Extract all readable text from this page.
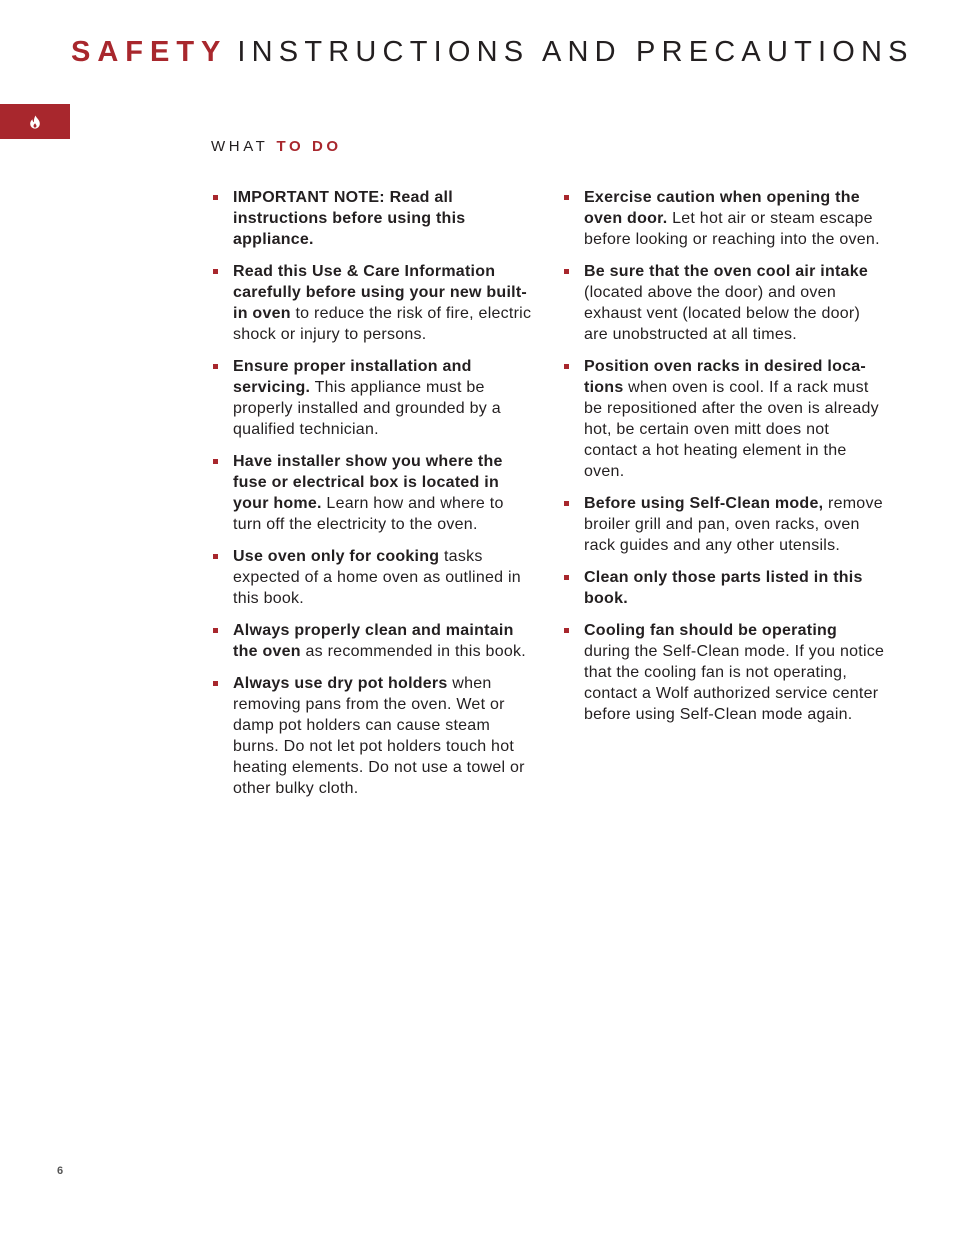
SAFETY INSTRUCTIONS AND PRECAUTIONS
WHAT TO DO
IMPORTANT NOTE: Read all instructions before using this appliance.
Read this Use & Care Information carefully before using your new built-in oven to reduce the risk of fire, electric shock or injury to persons.
Ensure proper installation and servicing. This appliance must be properly installed and grounded by a qualified technician.
Have installer show you where the fuse or electrical box is located in your home. Learn how and where to turn off the electricity to the oven.
Use oven only for cooking tasks expected of a home oven as outlined in this book.
Always properly clean and maintain the oven as recommended in this book.
Always use dry pot holders when removing pans from the oven. Wet or damp pot holders can cause steam burns. Do not let pot holders touch hot heating elements. Do not use a towel or other bulky cloth.
Exercise caution when opening the oven door. Let hot air or steam escape before looking or reaching into the oven.
Be sure that the oven cool air intake (located above the door) and oven exhaust vent (located below the door) are unobstructed at all times.
Position oven racks in desired loca-tions when oven is cool. If a rack must be repositioned after the oven is already hot, be certain oven mitt does not contact a hot heating element in the oven.
Before using Self-Clean mode, remove broiler grill and pan, oven racks, oven rack guides and any other utensils.
Clean only those parts listed in this book.
Cooling fan should be operating during the Self-Clean mode. If you notice that the cooling fan is not operating, contact a Wolf authorized service center before using Self-Clean mode again.
6
